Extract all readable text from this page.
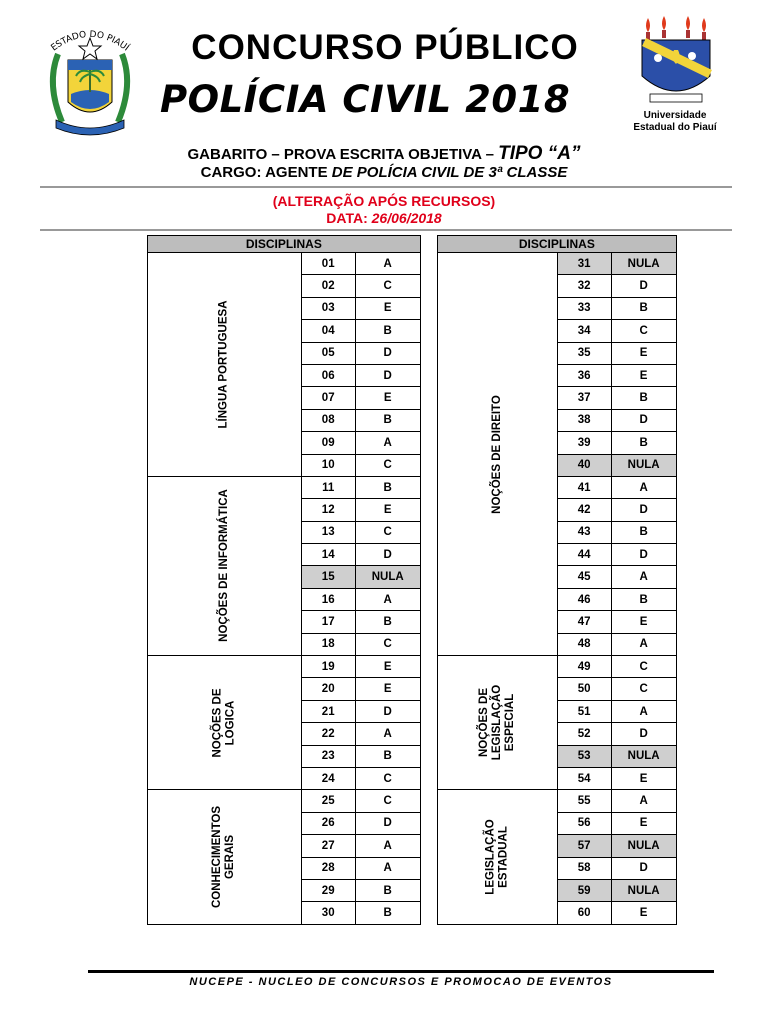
ESTADO DO PIAUÍ	CONCURSO PÚBLICO
POLÍCIA CIVIL 2018	Universidade
Estadual do Piauí
GABARITO – PROVA ESCRITA OBJETIVA – TIPO “A”
CARGO: AGENTE DE POLÍCIA CIVIL DE 3ª CLASSE
(ALTERAÇÃO APÓS RECURSOS)
DATA: 26/06/2018
DISCIPLINAS		

LÍNGUA PORTUGUESA	01	A
	02	C
	03	E
	04	B
	05	D
	06	D
	07	E
	08	B
	09	A
	10	C

NOÇÕES DE INFORMÁTICA	11	B
	12	E
	13	C
	14	D
	15	NULA
	16	A
	17	B
	18	C

NOÇÕES DE LOGICA	19	E
	20	E
	21	D
	22	A
	23	B
	24	C

CONHECIMENTOS GERAIS	25	C
	26	D
	27	A
	28	A
	29	B
	30	B
DISCIPLINAS		

NOÇÕES DE DIREITO	31	NULA
	32	D
	33	B
	34	C
	35	E
	36	E
	37	B
	38	D
	39	B
	40	NULA
	41	A
	42	D
	43	B
	44	D
	45	A
	46	B
	47	E
	48	A

NOÇÕES DE LEGISLAÇÃO ESPECIAL	49	C
	50	C
	51	A
	52	D
	53	NULA
	54	E

LEGISLAÇÃO ESTADUAL	55	A
	56	E
	57	NULA
	58	D
	59	NULA
	60	E
NUCEPE - NUCLEO DE CONCURSOS E PROMOCAO DE EVENTOS
